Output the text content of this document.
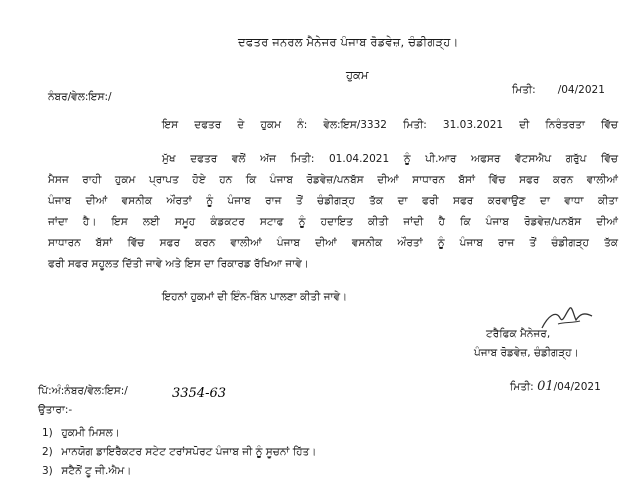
ਦਫਤਰ ਜਨਰਲ ਮੈਨੇਜਰ ਪੰਜਾਬ ਰੋਡਵੇਜ਼, ਚੰਡੀਗੜ੍ਹ।
ਹੁਕਮ
ਨੰਬਰ/ਵੇਲ:ਇਸ:/
ਮਿਤੀ: /04/2021
ਇਸ ਦਫਤਰ ਦੇ ਹੁਕਮ ਨੰ: ਵੇਲ:ਇਸ/3332 ਮਿਤੀ: 31.03.2021 ਦੀ ਨਿਰੰਤਰਤਾ ਵਿੱਚ
ਮੁੱਖ ਦਫਤਰ ਵਲੋਂ ਅੱਜ ਮਿਤੀ: 01.04.2021 ਨੂੰ ਪੀ.ਆਰ ਅਫਸਰ ਵੱਟਸਐਪ ਗਰੁੱਪ ਵਿੱਚ
ਮੈਸਜ ਰਾਹੀ ਹੁਕਮ ਪ੍ਰਾਪਤ ਹੋਏ ਹਨ ਕਿ ਪੰਜਾਬ ਰੋਡਵੇਜ਼/ਪਨਬੱਸ ਦੀਆਂ ਸਾਧਾਰਨ ਬੱਸਾਂ ਵਿੱਚ ਸਫਰ ਕਰਨ ਵਾਲੀਆਂ
ਪੰਜਾਬ ਦੀਆਂ ਵਸਨੀਕ ਔਰਤਾਂ ਨੂੰ ਪੰਜਾਬ ਰਾਜ ਤੋਂ ਚੰਡੀਗੜ੍ਹ ਤੱਕ ਦਾ ਫਰੀ ਸਫਰ ਕਰਵਾਉਣ ਦਾ ਵਾਧਾ ਕੀਤਾ
ਜਾਂਦਾ ਹੈ। ਇਸ ਲਈ ਸਮੂਹ ਕੰਡਕਟਰ ਸਟਾਫ ਨੂੰ ਹਦਾਇਤ ਕੀਤੀ ਜਾਂਦੀ ਹੈ ਕਿ ਪੰਜਾਬ ਰੋਡਵੇਜ਼/ਪਨਬੱਸ ਦੀਆਂ
ਸਾਧਾਰਨ ਬੱਸਾਂ ਵਿੱਚ ਸਫਰ ਕਰਨ ਵਾਲੀਆਂ ਪੰਜਾਬ ਦੀਆਂ ਵਸਨੀਕ ਔਰਤਾਂ ਨੂੰ ਪੰਜਾਬ ਰਾਜ ਤੋਂ ਚੰਡੀਗੜ੍ਹ ਤੱਕ
ਫਰੀ ਸਫਰ ਸਹੂਲਤ ਦਿੱਤੀ ਜਾਵੇ ਅਤੇ ਇਸ ਦਾ ਰਿਕਾਰਡ ਰੱਖਿਆ ਜਾਵੇ।
ਇਹਨਾਂ ਹੁਕਮਾਂ ਦੀ ਇੰਨ-ਬਿੰਨ ਪਾਲਣਾ ਕੀਤੀ ਜਾਵੇ।
ਟਰੈਫਿਕ ਮੈਨੇਜਰ,
ਪੰਜਾਬ ਰੋਡਵੇਜ਼, ਚੰਡੀਗੜ੍ਹ।
ਪਿੱ:ਅੰ:ਨੰਬਰ/ਵੇਲ:ਇਸ:/	3354-63	ਮਿਤੀ: 01/04/2021
ਉਤਾਰਾ:-
1) ਹੁਕਮੀ ਮਿਸਲ।
2) ਮਾਨਯੋਗ ਡਾਇਰੈਕਟਰ ਸਟੇਟ ਟਰਾਂਸਪੋਰਟ ਪੰਜਾਬ ਜੀ ਨੂੰ ਸੂਚਨਾਂ ਹਿੱਤ।
3) ਸਟੈਨੋਂ ਟੂ ਜੀ.ਐਮ।
